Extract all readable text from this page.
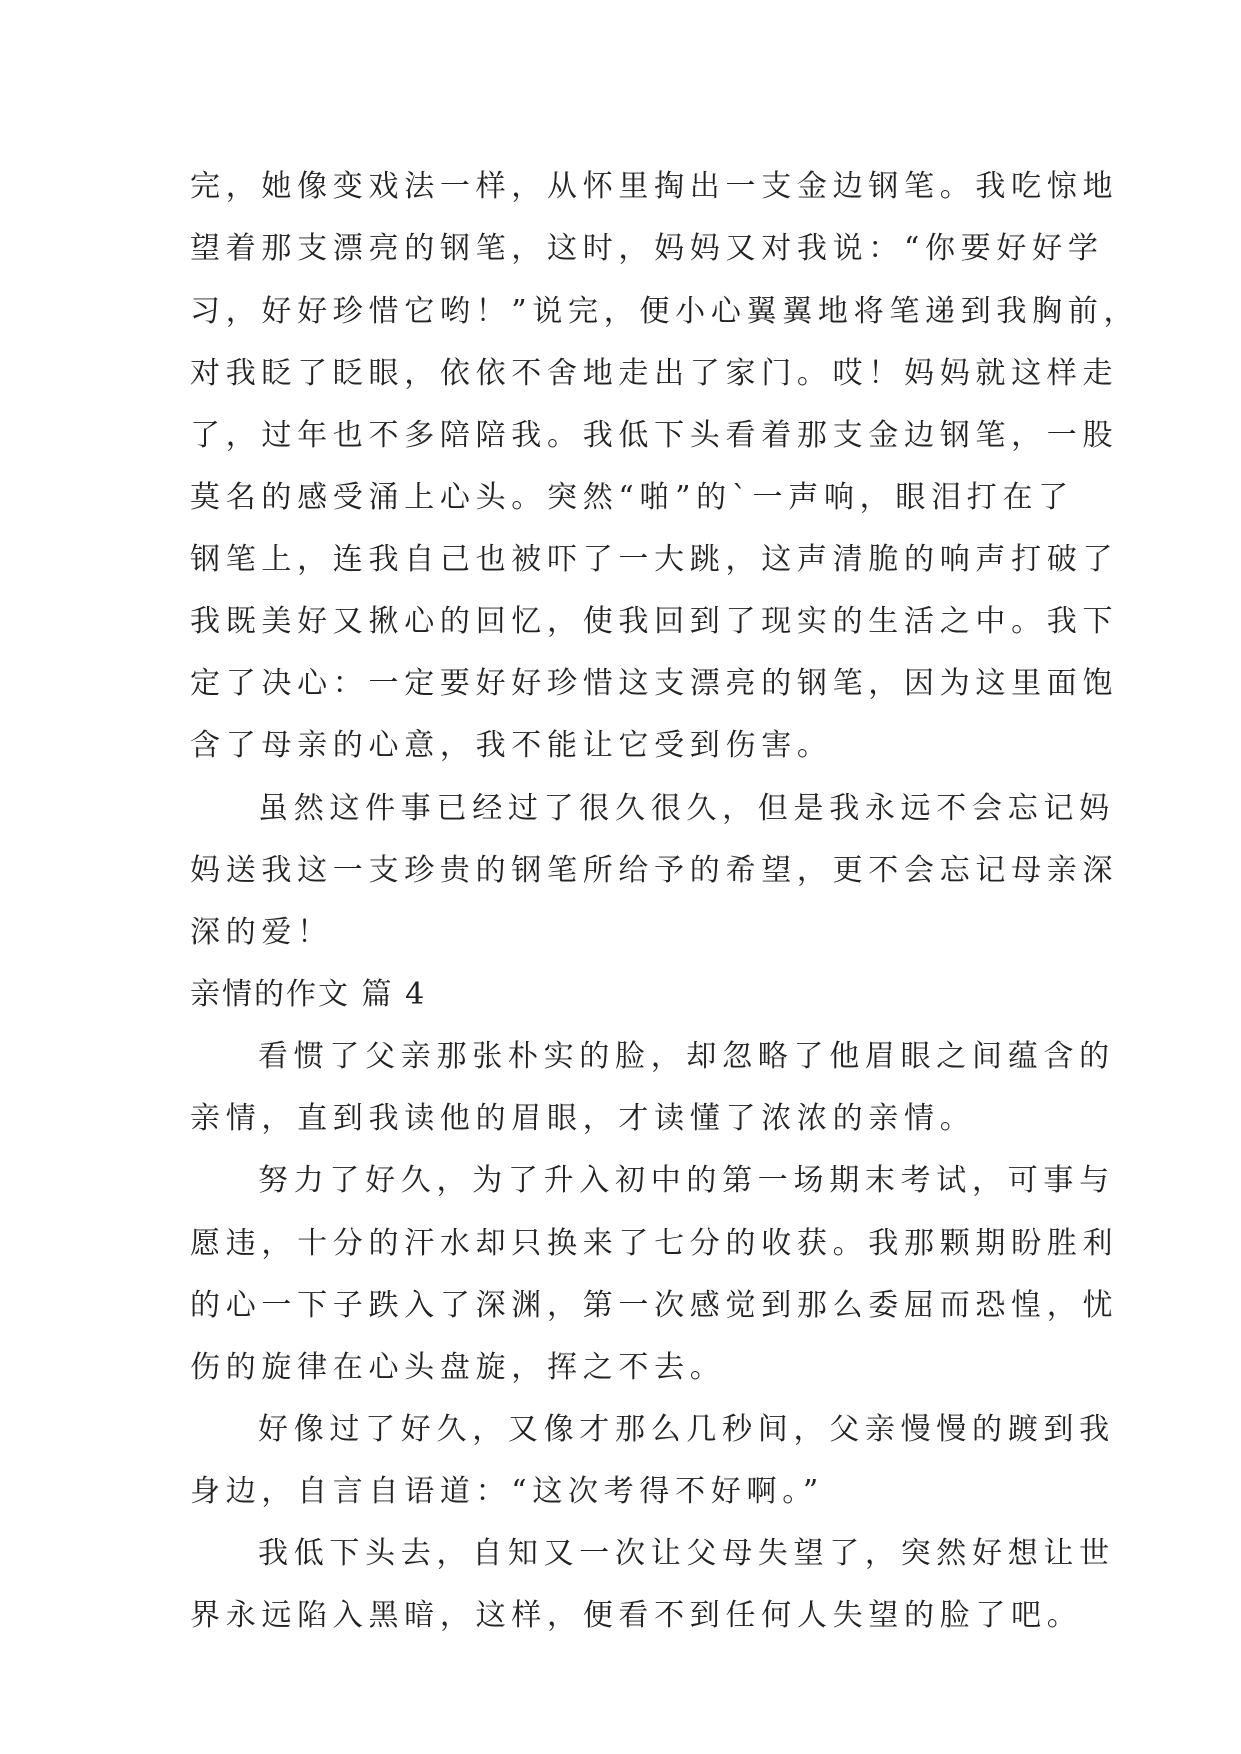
完，她像变戏法一样，从怀里掏出一支金边钢笔。我吃惊地
望着那支漂亮的钢笔，这时，妈妈又对我说：“你要好好学
习，好好珍惜它哟！”说完，便小心翼翼地将笔递到我胸前，
对我眨了眨眼，依依不舍地走出了家门。哎！妈妈就这样走
了，过年也不多陪陪我。我低下头看着那支金边钢笔，一股
莫名的感受涌上心头。突然“啪”的`一声响，眼泪打在了
钢笔上，连我自己也被吓了一大跳，这声清脆的响声打破了
我既美好又揪心的回忆，使我回到了现实的生活之中。我下
定了决心：一定要好好珍惜这支漂亮的钢笔，因为这里面饱
含了母亲的心意，我不能让它受到伤害。
虽然这件事已经过了很久很久，但是我永远不会忘记妈
妈送我这一支珍贵的钢笔所给予的希望，更不会忘记母亲深
深的爱！
亲情的作文 篇 4
看惯了父亲那张朴实的脸，却忽略了他眉眼之间蕴含的
亲情，直到我读他的眉眼，才读懂了浓浓的亲情。
努力了好久，为了升入初中的第一场期末考试，可事与
愿违，十分的汗水却只换来了七分的收获。我那颗期盼胜利
的心一下子跌入了深渊，第一次感觉到那么委屈而恐惶，忧
伤的旋律在心头盘旋，挥之不去。
好像过了好久，又像才那么几秒间，父亲慢慢的踱到我
身边，自言自语道：“这次考得不好啊。”
我低下头去，自知又一次让父母失望了，突然好想让世
界永远陷入黑暗，这样，便看不到任何人失望的脸了吧。
